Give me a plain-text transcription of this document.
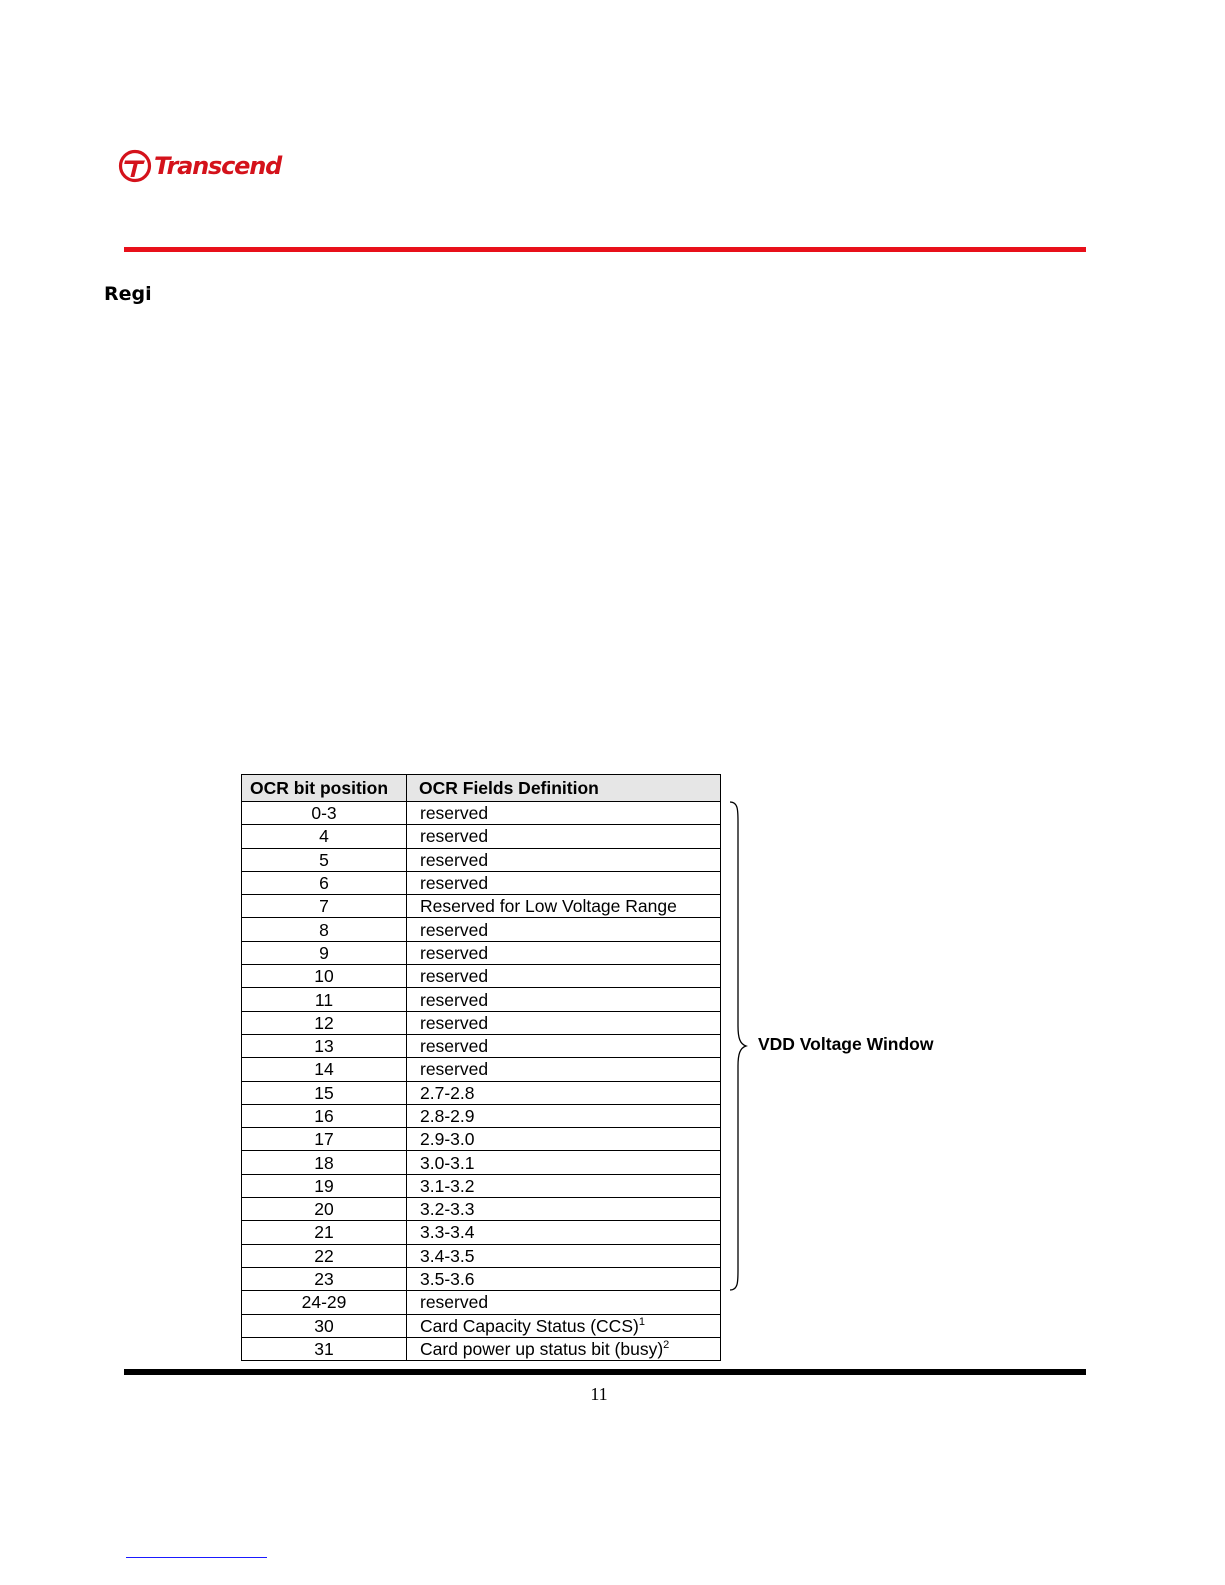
Transcend
Regi
OCR bit position	OCR Fields Definition
0-3	reserved
4	reserved
5	reserved
6	reserved
7	Reserved for Low Voltage Range
8	reserved
9	reserved
10	reserved
11	reserved
12	reserved
13	reserved
14	reserved
15	2.7-2.8
16	2.8-2.9
17	2.9-3.0
18	3.0-3.1
19	3.1-3.2
20	3.2-3.3
21	3.3-3.4
22	3.4-3.5
23	3.5-3.6
24-29	reserved
30	Card Capacity Status (CCS)$^1$
31	Card power up status bit (busy)$^2$
VDD Voltage Window
11
